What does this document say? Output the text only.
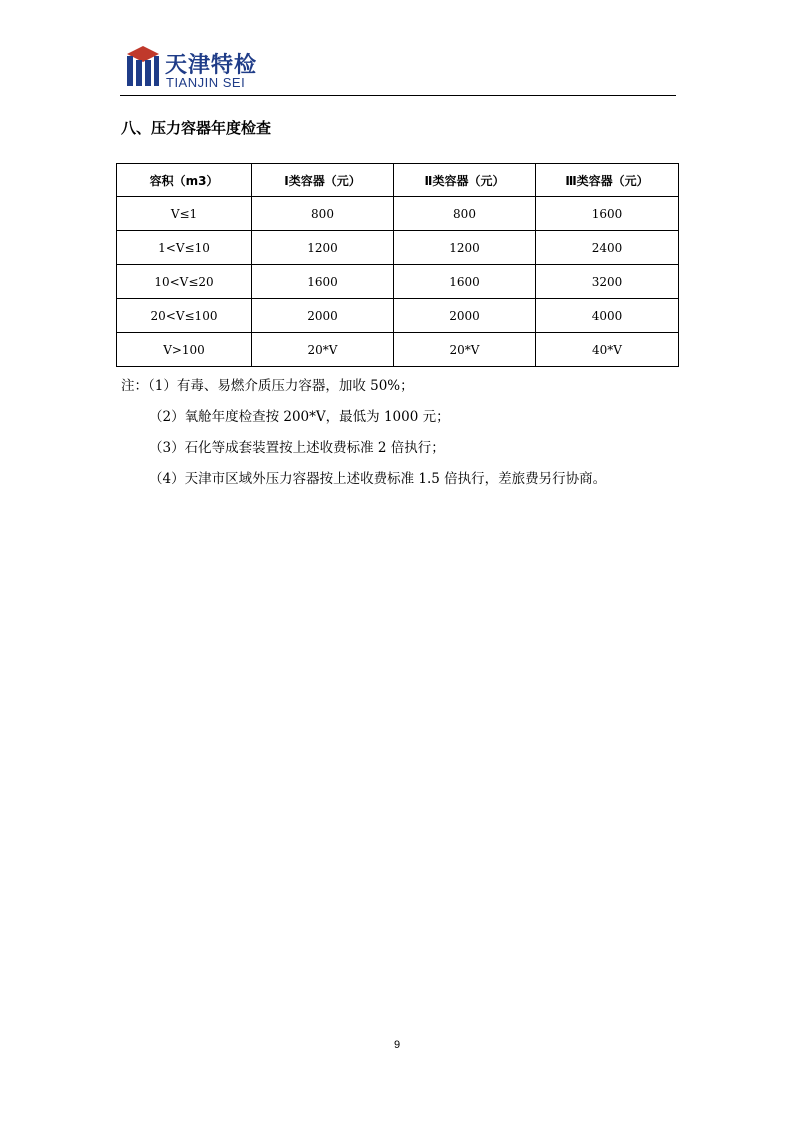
天津特检
TIANJIN SEI
八、压力容器年度检查
容积（m3）	Ⅰ类容器（元）	Ⅱ类容器（元）	Ⅲ类容器（元）
V≤1	800	800	1600
1<V≤10	1200	1200	2400
10<V≤20	1600	1600	3200
20<V≤100	2000	2000	4000
V>100	20*V	20*V	40*V
注：（1）有毒、易燃介质压力容器，加收 50%；
（2）氧舱年度检查按 200*V，最低为 1000 元；
（3）石化等成套装置按上述收费标准 2 倍执行；
（4）天津市区域外压力容器按上述收费标准 1.5 倍执行，差旅费另行协商。
9
